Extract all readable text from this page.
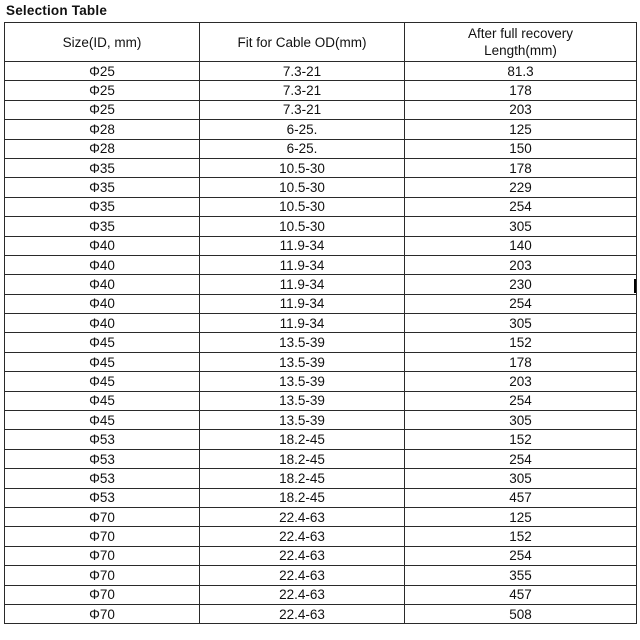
Selection Table
Size(ID, mm)	Fit for Cable OD(mm)	After full recovery Length(mm)
Φ25	7.3-21	81.3
Φ25	7.3-21	178
Φ25	7.3-21	203
Φ28	6-25.	125
Φ28	6-25.	150
Φ35	10.5-30	178
Φ35	10.5-30	229
Φ35	10.5-30	254
Φ35	10.5-30	305
Φ40	11.9-34	140
Φ40	11.9-34	203
Φ40	11.9-34	230
Φ40	11.9-34	254
Φ40	11.9-34	305
Φ45	13.5-39	152
Φ45	13.5-39	178
Φ45	13.5-39	203
Φ45	13.5-39	254
Φ45	13.5-39	305
Φ53	18.2-45	152
Φ53	18.2-45	254
Φ53	18.2-45	305
Φ53	18.2-45	457
Φ70	22.4-63	125
Φ70	22.4-63	152
Φ70	22.4-63	254
Φ70	22.4-63	355
Φ70	22.4-63	457
Φ70	22.4-63	508
